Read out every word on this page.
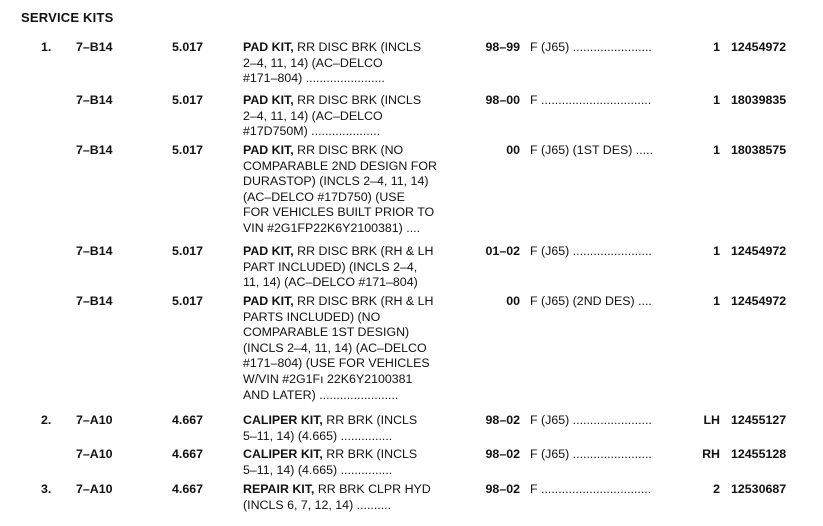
SERVICE KITS
1. 7–B14	5.017	PAD KIT, RR DISC BRK (INCLS
2–4, 11, 14) (AC–DELCO
#171–804) .......................
98–99 F (J65) .......................	1 12454972
7–B14	5.017	PAD KIT, RR DISC BRK (INCLS
2–4, 11, 14) (AC–DELCO
#17D750M) ....................
98–00 F ................................	1 18039835
7–B14	5.017	PAD KIT, RR DISC BRK (NO
COMPARABLE 2ND DESIGN FOR
DURASTOP) (INCLS 2–4, 11, 14)
(AC–DELCO #17D750) (USE
FOR VEHICLES BUILT PRIOR TO
VIN #2G1FP22K6Y2100381) ....
00 F (J65) (1ST DES) .....	1 18038575
7–B14	5.017	PAD KIT, RR DISC BRK (RH & LH
PART INCLUDED) (INCLS 2–4,
11, 14) (AC–DELCO #171–804)
01–02 F (J65) .......................	1 12454972
7–B14	5.017	PAD KIT, RR DISC BRK (RH & LH
PARTS INCLUDED) (NO
COMPARABLE 1ST DESIGN)
(INCLS 2–4, 11, 14) (AC–DELCO
#171–804) (USE FOR VEHICLES
W/VIN #2G1Fı 22K6Y2100381
AND LATER) .......................
00 F (J65) (2ND DES) ....	1 12454972
2. 7–A10	4.667	CALIPER KIT, RR BRK (INCLS
5–11, 14) (4.665) ...............
98–02 F (J65) .......................	LH 12455127
7–A10	4.667	CALIPER KIT, RR BRK (INCLS
5–11, 14) (4.665) ...............
98–02 F (J65) .......................	RH 12455128
3. 7–A10	4.667	REPAIR KIT, RR BRK CLPR HYD
(INCLS 6, 7, 12, 14) ..........
98–02 F ................................	2 12530687
